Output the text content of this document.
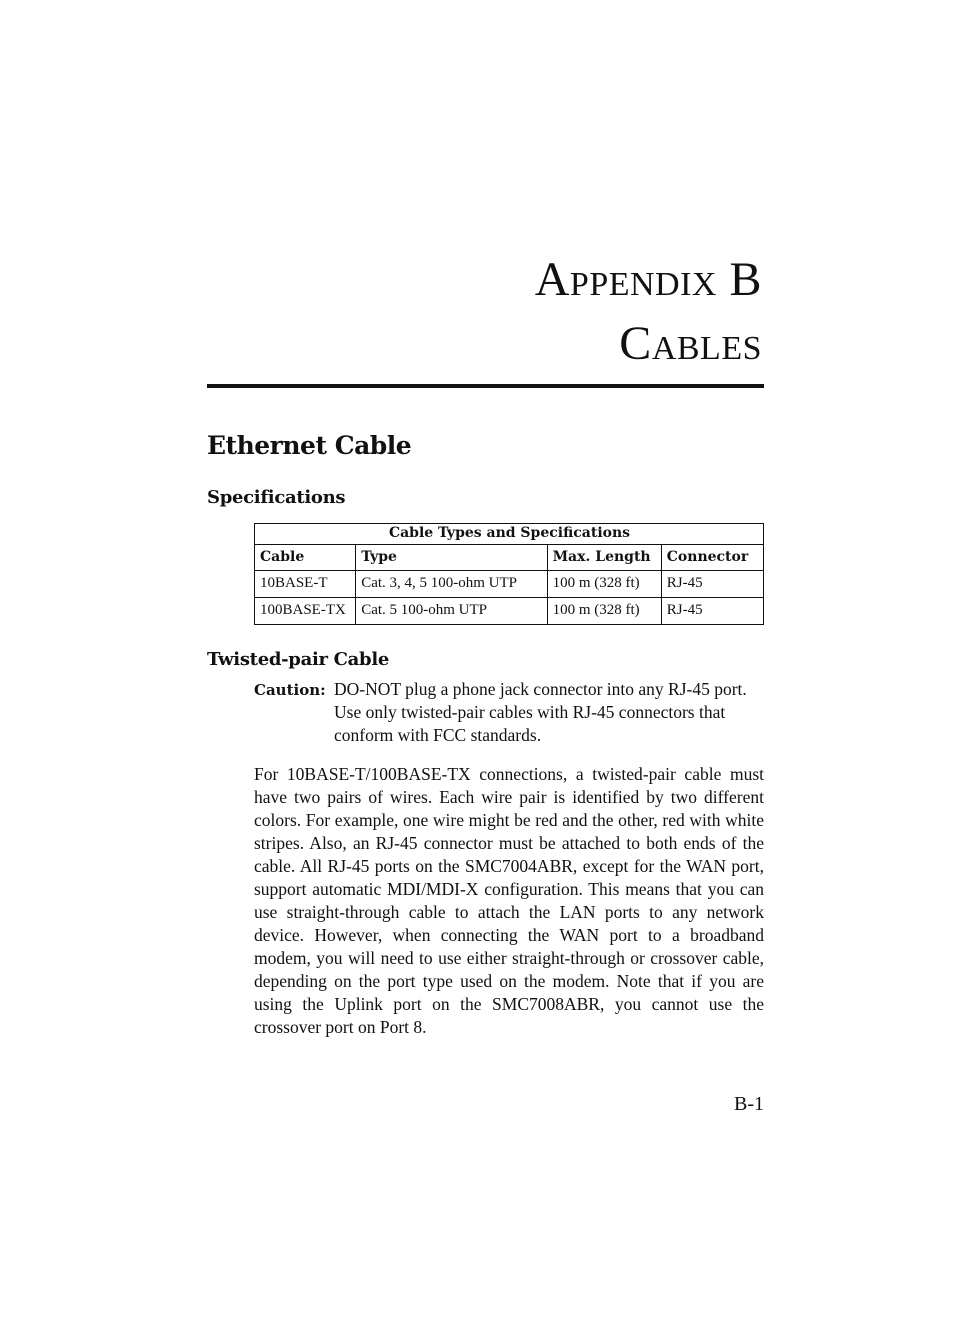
Appendix B
Cables
Ethernet Cable
Specifications
Cable Types and Specifications			
Cable	Type	Max. Length	Connector
10BASE-T	Cat. 3, 4, 5 100-ohm UTP	100 m (328 ft)	RJ-45
100BASE-TX	Cat. 5 100-ohm UTP	100 m (328 ft)	RJ-45
Twisted-pair Cable
Caution: DO-NOT plug a phone jack connector into any RJ-45 port. Use only twisted-pair cables with RJ-45 connectors that conform with FCC standards.

For 10BASE-T/100BASE-TX connections, a twisted-pair cable must have two pairs of wires. Each wire pair is identified by two different colors. For example, one wire might be red and the other, red with white stripes. Also, an RJ-45 connector must be attached to both ends of the cable. All RJ-45 ports on the SMC7004ABR, except for the WAN port, support automatic MDI/MDI-X configuration. This means that you can use straight-through cable to attach the LAN ports to any network device. However, when connecting the WAN port to a broadband modem, you will need to use either straight-through or crossover cable, depending on the port type used on the modem. Note that if you are using the Uplink port on the SMC7008ABR, you cannot use the crossover port on Port 8.

B-1
